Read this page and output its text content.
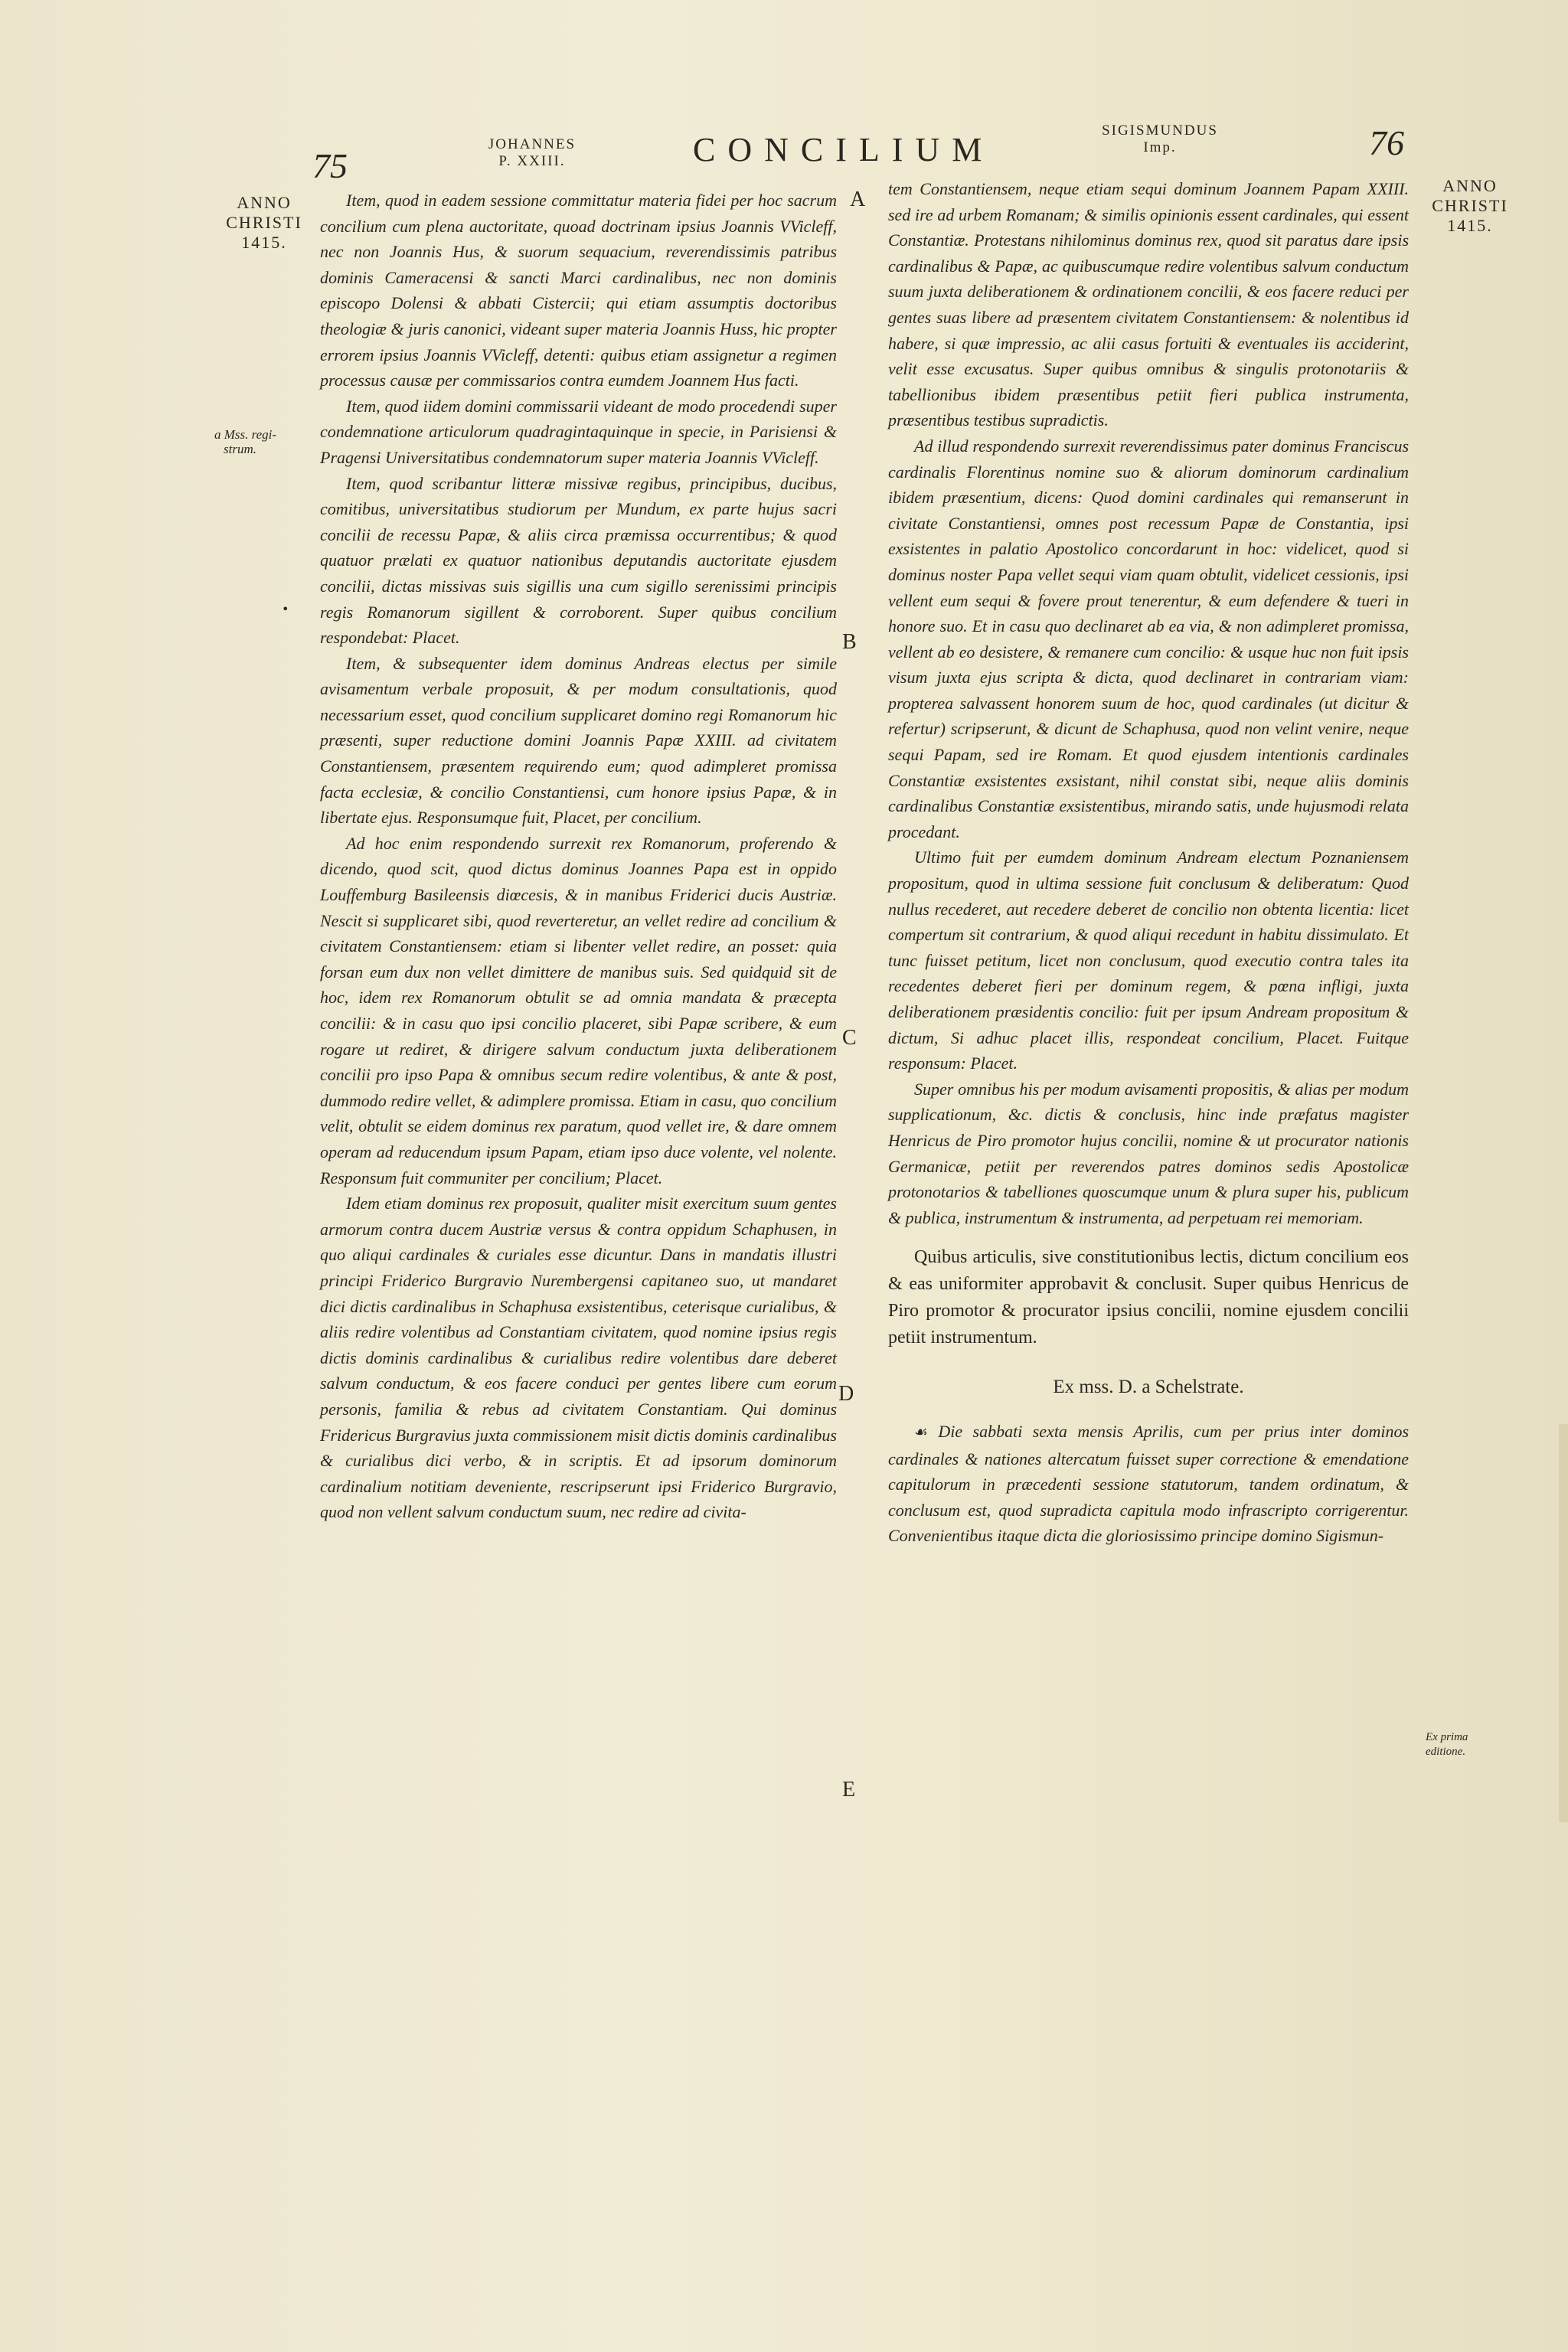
75
JOHANNES
P. XXIII.	CONCILIUM
SIGISMUNDUS
Imp.	76
ANNO
CHRISTI
1415.
ANNO
CHRISTI
1415.
a Mss. regi-
strum.
Ex prima
editione.
•
A
B
C
D
E

Item, quod in eadem sessione committatur materia fidei per hoc sacrum concilium cum plena auctoritate, quoad doctrinam ipsius Joannis VVicleff, nec non Joannis Hus, & suorum sequacium, reverendissimis patribus dominis Cameracensi & sancti Marci cardinalibus, nec non dominis episcopo Dolensi & abbati Cistercii; qui etiam assumptis doctoribus theologiæ & juris canonici, videant super materia Joannis Huss, hic propter errorem ipsius Joannis VVicleff, detenti: quibus etiam assignetur a regimen processus causæ per commissarios contra eumdem Joannem Hus facti.

Item, quod iidem domini commissarii videant de modo procedendi super condemnatione articulorum quadragintaquinque in specie, in Parisiensi & Pragensi Universitatibus condemnatorum super materia Joannis VVicleff.

Item, quod scribantur litteræ missivæ regibus, principibus, ducibus, comitibus, universitatibus studiorum per Mundum, ex parte hujus sacri concilii de recessu Papæ, & aliis circa præmissa occurrentibus; & quod quatuor prælati ex quatuor nationibus deputandis auctoritate ejusdem concilii, dictas missivas suis sigillis una cum sigillo serenissimi principis regis Romanorum sigillent & corroborent. Super quibus concilium respondebat: Placet.

Item, & subsequenter idem dominus Andreas electus per simile avisamentum verbale proposuit, & per modum consultationis, quod necessarium esset, quod concilium supplicaret domino regi Romanorum hic præsenti, super reductione domini Joannis Papæ XXIII. ad civitatem Constantiensem, præsentem requirendo eum; quod adimpleret promissa facta ecclesiæ, & concilio Constantiensi, cum honore ipsius Papæ, & in libertate ejus. Responsumque fuit, Placet, per concilium.

Ad hoc enim respondendo surrexit rex Romanorum, proferendo & dicendo, quod scit, quod dictus dominus Joannes Papa est in oppido Louffemburg Basileensis diœcesis, & in manibus Friderici ducis Austriæ. Nescit si supplicaret sibi, quod reverteretur, an vellet redire ad concilium & civitatem Constantiensem: etiam si libenter vellet redire, an posset: quia forsan eum dux non vellet dimittere de manibus suis. Sed quidquid sit de hoc, idem rex Romanorum obtulit se ad omnia mandata & præcepta concilii: & in casu quo ipsi concilio placeret, sibi Papæ scribere, & eum rogare ut rediret, & dirigere salvum conductum juxta deliberationem concilii pro ipso Papa & omnibus secum redire volentibus, & ante & post, dummodo redire vellet, & adimplere promissa. Etiam in casu, quo concilium velit, obtulit se eidem dominus rex paratum, quod vellet ire, & dare omnem operam ad reducendum ipsum Papam, etiam ipso duce volente, vel nolente. Responsum fuit communiter per concilium; Placet.

Idem etiam dominus rex proposuit, qualiter misit exercitum suum gentes armorum contra ducem Austriæ versus & contra oppidum Schaphusen, in quo aliqui cardinales & curiales esse dicuntur. Dans in mandatis illustri principi Friderico Burgravio Nurembergensi capitaneo suo, ut mandaret dici dictis cardinalibus in Schaphusa exsistentibus, ceterisque curialibus, & aliis redire volentibus ad Constantiam civitatem, quod nomine ipsius regis dictis dominis cardinalibus & curialibus redire volentibus dare deberet salvum conductum, & eos facere conduci per gentes libere cum eorum personis, familia & rebus ad civitatem Constantiam. Qui dominus Fridericus Burgravius juxta commissionem misit dictis dominis cardinalibus & curialibus dici verbo, & in scriptis. Et ad ipsorum dominorum cardinalium notitiam deveniente, rescripserunt ipsi Friderico Burgravio, quod non vellent salvum conductum suum, nec redire ad civita-

tem Constantiensem, neque etiam sequi dominum Joannem Papam XXIII. sed ire ad urbem Romanam; & similis opinionis essent cardinales, qui essent Constantiæ. Protestans nihilominus dominus rex, quod sit paratus dare ipsis cardinalibus & Papæ, ac quibuscumque redire volentibus salvum conductum suum juxta deliberationem & ordinationem concilii, & eos facere reduci per gentes suas libere ad præsentem civitatem Constantiensem: & nolentibus id habere, si quæ impressio, ac alii casus fortuiti & eventuales iis acciderint, velit esse excusatus. Super quibus omnibus & singulis protonotariis & tabellionibus ibidem præsentibus petiit fieri publica instrumenta, præsentibus testibus supradictis.

Ad illud respondendo surrexit reverendissimus pater dominus Franciscus cardinalis Florentinus nomine suo & aliorum dominorum cardinalium ibidem præsentium, dicens: Quod domini cardinales qui remanserunt in civitate Constantiensi, omnes post recessum Papæ de Constantia, ipsi exsistentes in palatio Apostolico concordarunt in hoc: videlicet, quod si dominus noster Papa vellet sequi viam quam obtulit, videlicet cessionis, ipsi vellent eum sequi & fovere prout tenerentur, & eum defendere & tueri in honore suo. Et in casu quo declinaret ab ea via, & non adimpleret promissa, vellent ab eo desistere, & remanere cum concilio: & usque huc non fuit ipsis visum juxta ejus scripta & dicta, quod declinaret in contrariam viam: propterea salvassent honorem suum de hoc, quod cardinales (ut dicitur & refertur) scripserunt, & dicunt de Schaphusa, quod non velint venire, neque sequi Papam, sed ire Romam. Et quod ejusdem intentionis cardinales Constantiæ exsistentes exsistant, nihil constat sibi, neque aliis dominis cardinalibus Constantiæ exsistentibus, mirando satis, unde hujusmodi relata procedant.

Ultimo fuit per eumdem dominum Andream electum Poznaniensem propositum, quod in ultima sessione fuit conclusum & deliberatum: Quod nullus recederet, aut recedere deberet de concilio non obtenta licentia: licet compertum sit contrarium, & quod aliqui recedunt in habitu dissimulato. Et tunc fuisset petitum, licet non conclusum, quod executio contra tales ita recedentes deberet fieri per dominum regem, & pœna infligi, juxta deliberationem præsidentis concilio: fuit per ipsum Andream propositum & dictum, Si adhuc placet illis, respondeat concilium, Placet. Fuitque responsum: Placet.

Super omnibus his per modum avisamenti propositis, & alias per modum supplicationum, &c. dictis & conclusis, hinc inde præfatus magister Henricus de Piro promotor hujus concilii, nomine & ut procurator nationis Germanicæ, petiit per reverendos patres dominos sedis Apostolicæ protonotarios & tabelliones quoscumque unum & plura super his, publicum & publica, instrumentum & instrumenta, ad perpetuam rei memoriam.

Quibus articulis, sive constitutionibus lectis, dictum concilium eos & eas uniformiter approbavit & conclusit. Super quibus Henricus de Piro promotor & procurator ipsius concilii, nomine ejusdem concilii petiit instrumentum.

Ex mss. D. a Schelstrate.

☙ Die sabbati sexta mensis Aprilis, cum per prius inter dominos cardinales & nationes altercatum fuisset super correctione & emendatione capitulorum in præcedenti sessione statutorum, tandem ordinatum, & conclusum est, quod supradicta capitula modo infrascripto corrigerentur. Convenientibus itaque dicta die gloriosissimo principe domino Sigismun-
